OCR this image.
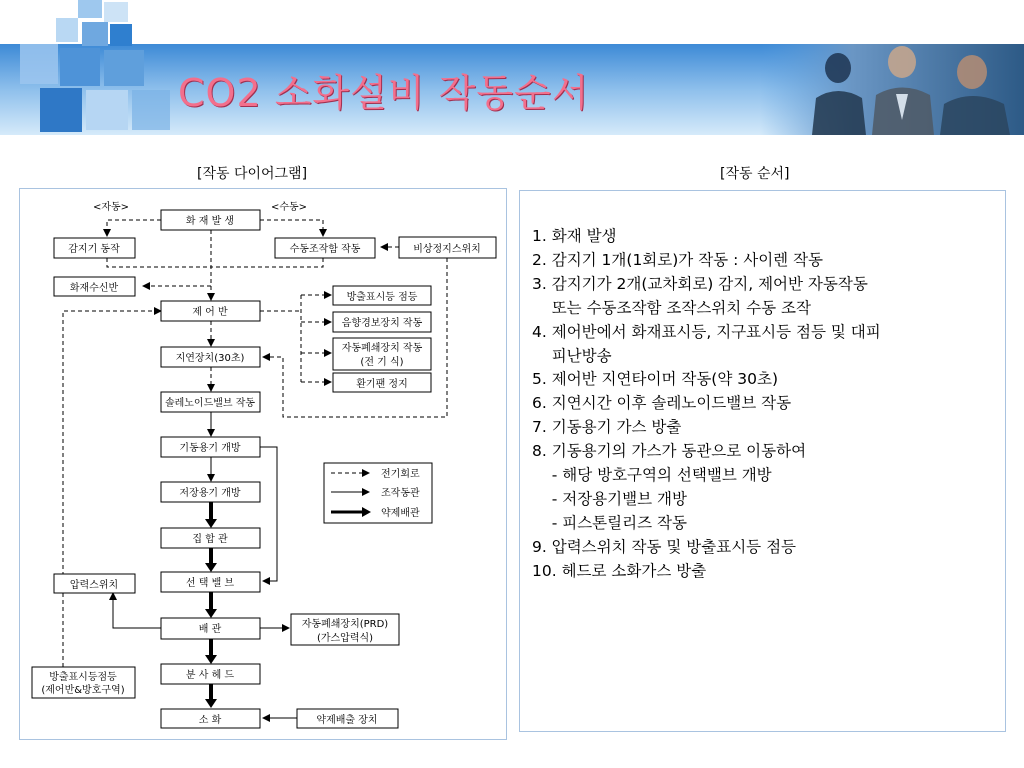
CO2 소화설비 작동순서
[작동 다이어그램]	[작동 순서]
<자동>	<수동>
화 재 발 생
감지기 동작	수동조작함 작동	비상정지스위치
화재수신반
제 어 반
방출표시등 점등
음향경보장치 작동
자동폐쇄장치 작동
(전 기 식)
환기팬 정지
지연장치(30초)
솔레노이드밸브 작동
기동용기 개방
저장용기 개방
집 합 관
선 택 밸 브
압력스위치
배 관	자동폐쇄장치(PRD)
(가스압력식)
방출표시등점등
(제어반&방호구역)
분 사 헤 드
소 화	약제배출 장치
전기회로
조작동관
약제배관
1. 화재 발생
2. 감지기 1개(1회로)가 작동 : 사이렌 작동
3. 감지기가 2개(교차회로) 감지, 제어반 자동작동
또는 수동조작함 조작스위치 수동 조작
4. 제어반에서 화재표시등, 지구표시등 점등 및 대피
피난방송
5. 제어반 지연타이머 작동(약 30초)
6. 지연시간 이후 솔레노이드밸브 작동
7. 기동용기 가스 방출
8. 기동용기의 가스가 동관으로 이동하여
- 해당 방호구역의 선택밸브 개방
- 저장용기밸브 개방
- 피스톤릴리즈 작동
9. 압력스위치 작동 및 방출표시등 점등
10. 헤드로 소화가스 방출
